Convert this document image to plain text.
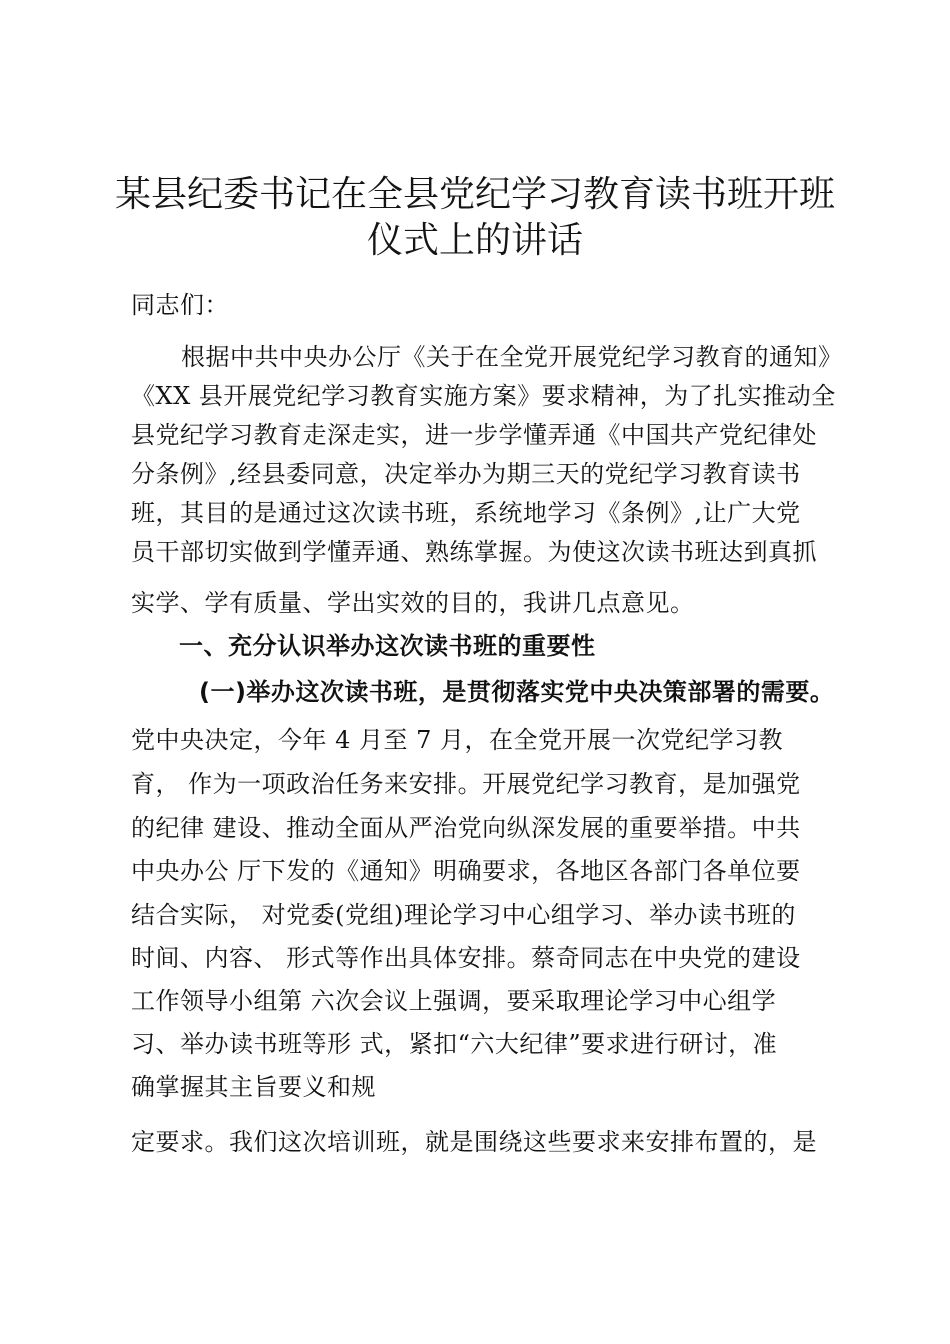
某县纪委书记在全县党纪学习教育读书班开班
仪式上的讲话
同志们：
根据中共中央办公厅《关于在全党开展党纪学习教育的通知》
《XX 县开展党纪学习教育实施方案》要求精神，为了扎实推动全
县党纪学习教育走深走实，进一步学懂弄通《中国共产党纪律处
分条例》,经县委同意，决定举办为期三天的党纪学习教育读书
班，其目的是通过这次读书班，系统地学习《条例》,让广大党
员干部切实做到学懂弄通、熟练掌握。为使这次读书班达到真抓
实学、学有质量、学出实效的目的，我讲几点意见。
一、充分认识举办这次读书班的重要性
(一)举办这次读书班，是贯彻落实党中央决策部署的需要。
党中央决定，今年 4 月至 7 月，在全党开展一次党纪学习教
育， 作为一项政治任务来安排。开展党纪学习教育，是加强党
的纪律 建设、推动全面从严治党向纵深发展的重要举措。中共
中央办公 厅下发的《通知》明确要求，各地区各部门各单位要
结合实际， 对党委(党组)理论学习中心组学习、举办读书班的
时间、内容、 形式等作出具体安排。蔡奇同志在中央党的建设
工作领导小组第 六次会议上强调，要采取理论学习中心组学
习、举办读书班等形 式，紧扣“六大纪律”要求进行研讨，准
确掌握其主旨要义和规
定要求。我们这次培训班，就是围绕这些要求来安排布置的，是
